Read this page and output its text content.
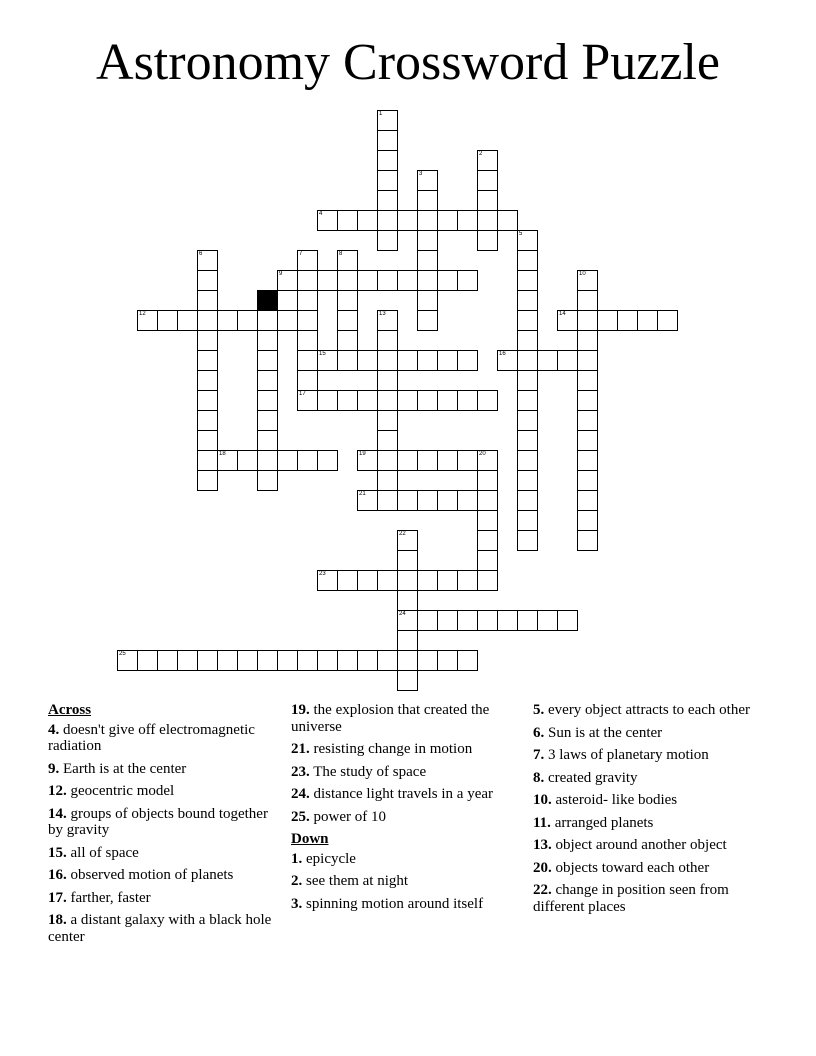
Astronomy Crossword Puzzle
1
2
3
4
5
6	7	8
9	10
11
12	13	14
15	16
17
18	19	20
21
22
24
23
25
Across

4. doesn't give off electromagnetic radiation

9. Earth is at the center

12. geocentric model

14. groups of objects bound together by gravity

15. all of space

16. observed motion of planets

17. farther, faster

18. a distant galaxy with a black hole center

19. the explosion that created the universe

21. resisting change in motion

23. The study of space

24. distance light travels in a year

25. power of 10

Down

1. epicycle

2. see them at night

3. spinning motion around itself

5. every object attracts to each other

6. Sun is at the center

7. 3 laws of planetary motion

8. created gravity

10. asteroid- like bodies

11. arranged planets

13. object around another object

20. objects toward each other

22. change in position seen from different places
